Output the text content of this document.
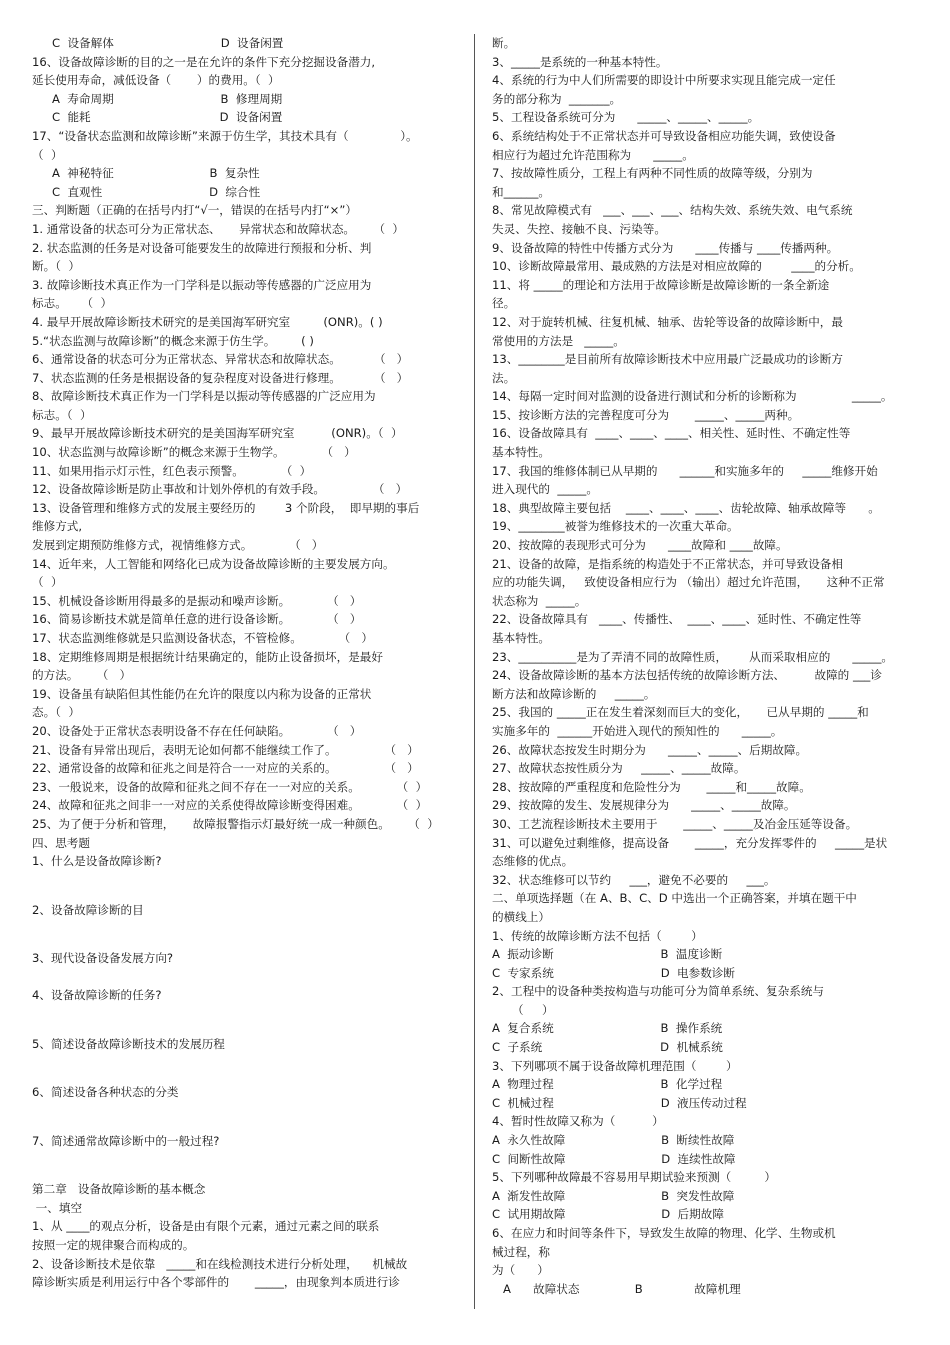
C  设备解体                             D  设备闲置
16、设备故障诊断的目的之一是在允许的条件下充分挖掘设备潜力,
延长使用寿命，减低设备（       ）的费用。（  ）
A  寿命周期                             B  修理周期
C  能耗                                   D  设备闲置
17、“设备状态监测和故障诊断”来源于仿生学，其技术具有（              ）。
（  ）
A  神秘特征                          B  复杂性
C  直观性                             D  综合性
三、判断题（正确的在括号内打“√一，错误的在括号内打“×”）
1. 通常设备的状态可分为正常状态、     异常状态和故障状态。     （  ）
2. 状态监测的任务是对设备可能要发生的故障进行预报和分析、判
断。（  ）
3. 故障诊断技术真正作为一门学科是以振动等传感器的广泛应用为
标志。    （  ）
4. 最早开展故障诊断技术研究的是美国海军研究室         (ONR)。( )
5.“状态监测与故障诊断”的概念来源于仿生学。       ( )
6、通常设备的状态可分为正常状态、异常状态和故障状态。         （   ）
7、状态监测的任务是根据设备的复杂程度对设备进行修理。         （   ）
8、故障诊断技术真正作为一门学科是以振动等传感器的广泛应用为
标志。（  ）
9、最早开展故障诊断技术研究的是美国海军研究室          (ONR)。（  ）
10、状态监测与故障诊断”的概念来源于生物学。          （   ）
11、如果用指示灯示性，红色表示预警。          （  ）
12、设备故障诊断是防止事故和计划外停机的有效手段。             （   ）
13、设备管理和维修方式的发展主要经历的        3 个阶段，  即早期的事后
维修方式,
发展到定期预防维修方式，视情维修方式。          （   ）
14、近年来，人工智能和网络化已成为设备故障诊断的主要发展方向。
（  ）
15、机械设备诊断用得最多的是振动和噪声诊断。          （   ）
16、简易诊断技术就是简单任意的进行设备诊断。          （   ）
17、状态监测维修就是只监测设备状态，不管检修。          （   ）
18、定期维修周期是根据统计结果确定的，能防止设备损坏，是最好
的方法。     （   ）
19、设备虽有缺陷但其性能仍在允许的限度以内称为设备的正常状
态。（  ）
20、设备处于正常状态表明设备不存在任何缺陷。          （   ）
21、设备有异常出现后，表明无论如何都不能继续工作了。             （   ）
22、通常设备的故障和征兆之间是符合一一对应的关系的。             （   ）
23、一般说来，设备的故障和征兆之间不存在一一对应的关系。          （  ）
24、故障和征兆之间非一一对应的关系使得故障诊断变得困难。          （  ）
25、为了便于分析和管理，     故障报警指示灯最好统一成一种颜色。     （  ）
四、思考题
1、什么是设备故障诊断?
2、设备故障诊断的目
3、现代设备设备发展方向?
4、设备故障诊断的任务?
5、简述设备故障诊断技术的发展历程
6、简述设备各种状态的分类
7、简述通常故障诊断中的一般过程?
第二章   设备故障诊断的基本概念
一、填空
1、从 ____的观点分析，设备是由有限个元素，通过元素之间的联系
按照一定的规律聚合而构成的。
2、设备诊断技术是依靠   _____和在线检测技术进行分析处理，    机械故
障诊断实质是利用运行中各个零部件的       _____，由现象判本质进行诊
断。
3、_____是系统的一种基本特性。
4、系统的行为中人们所需要的即设计中所要求实现且能完成一定任
务的部分称为  _______。
5、工程设备系统可分为      _____、_____、_____。
6、系统结构处于不正常状态并可导致设备相应功能失调，致使设备
相应行为超过允许范围称为      _____。
7、按故障性质分，工程上有两种不同性质的故障等级，分别为
和______。
8、常见故障模式有   ___、___、___、结构失效、系统失效、电气系统
失灵、失控、接触不良、污染等。
9、设备故障的特性中传播方式分为      ____传播与 ____传播两种。
10、诊断故障最常用、最成熟的方法是对相应故障的        ____的分析。
11、将 _____的理论和方法用于故障诊断是故障诊断的一条全新途
径。
12、对于旋转机械、往复机械、轴承、齿轮等设备的故障诊断中，最
常使用的方法是   _____。
13、________是目前所有故障诊断技术中应用最广泛最成功的诊断方
法。
14、每隔一定时间对监测的设备进行测试和分析的诊断称为               _____。
15、按诊断方法的完善程度可分为       _____、_____两种。
16、设备故障具有  ____、____、____、相关性、延时性、不确定性等
基本特性。
17、我国的维修体制已从早期的      ______和实施多年的     _____维修开始
进入现代的  _____。
18、典型故障主要包括    ____、____、____、齿轮故障、轴承故障等      。
19、________被誉为维修技术的一次重大革命。
20、按故障的表现形式可分为      ____故障和 ____故障。
21、设备的故障，是指系统的构造处于不正常状态，并可导致设备相
应的功能失调，   致使设备相应行为 （输出）超过允许范围，     这种不正常
状态称为  _____。
22、设备故障具有   ____、传播性、  ____、____、延时性、不确定性等
基本特性。
23、__________是为了弄清不同的故障性质，      从而采取相应的      _____。
24、设备故障诊断的基本方法包括传统的故障诊断方法、        故障的 ___诊
断方法和故障诊断的     _____。
25、我国的 _____正在发生着深刻而巨大的变化，     已从早期的 _____和
实施多年的  ______开始进入现代的预知性的      _____。
26、故障状态按发生时期分为      _____、_____、后期故障。
27、故障状态按性质分为     _____、_____故障。
28、按故障的严重程度和危险性分为       _____和_____故障。
29、按故障的发生、发展规律分为      _____、_____故障。
30、工艺流程诊断技术主要用于       _____、_____及冶金压延等设备。
31、可以避免过剩维修，提高设备       _____，充分发挥零件的     _____是状
态维修的优点。
32、状态维修可以节约     ___，避免不必要的     ___。
二、单项选择题（在 A、B、C、D 中选出一个正确答案，并填在题干中
的横线上）
1、传统的故障诊断方法不包括（        ）
A  振动诊断                             B  温度诊断
C  专家系统                             D  电参数诊断
2、工程中的设备种类按构造与功能可分为简单系统、复杂系统与
（     ）
A  复合系统                             B  操作系统
C  子系统                                D  机械系统
3、下列哪项不属于设备故障机理范围（        ）
A  物理过程                             B  化学过程
C  机械过程                             D  液压传动过程
4、暂时性故障又称为（          ）
A  永久性故障                          B  断续性故障
C  间断性故障                          D  连续性故障
5、下列哪种故障最不容易用早期试验来预测（         ）
A  渐发性故障                          B  突发性故障
C  试用期故障                          D  后期故障
6、在应力和时间等条件下，导致发生故障的物理、化学、生物或机
械过程，称
为（      ）
A      故障状态               B              故障机理
